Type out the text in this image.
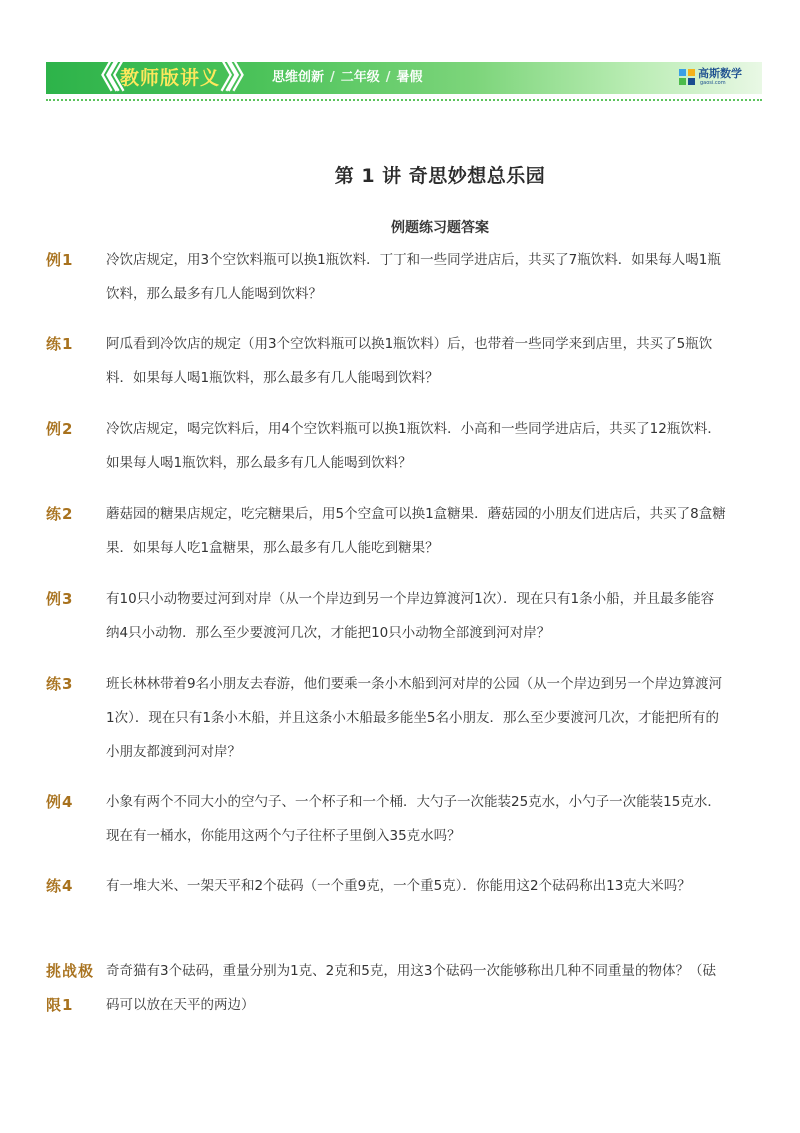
《《 教师版讲义 》》 思维创新 / 二年级 / 暑假	高斯数学
gaosi.com
第 1 讲 奇思妙想总乐园
例题练习题答案
例1	冷饮店规定，用3个空饮料瓶可以换1瓶饮料．丁丁和一些同学进店后，共买了7瓶饮料．如果每人喝1瓶饮料，那么最多有几人能喝到饮料？
练1	阿瓜看到冷饮店的规定（用3个空饮料瓶可以换1瓶饮料）后，也带着一些同学来到店里，共买了5瓶饮料．如果每人喝1瓶饮料，那么最多有几人能喝到饮料？
例2	冷饮店规定，喝完饮料后，用4个空饮料瓶可以换1瓶饮料．小高和一些同学进店后，共买了12瓶饮料．如果每人喝1瓶饮料，那么最多有几人能喝到饮料？
练2	蘑菇园的糖果店规定，吃完糖果后，用5个空盒可以换1盒糖果．蘑菇园的小朋友们进店后，共买了8盒糖果．如果每人吃1盒糖果，那么最多有几人能吃到糖果？
例3	有10只小动物要过河到对岸（从一个岸边到另一个岸边算渡河1次）．现在只有1条小船，并且最多能容纳4只小动物．那么至少要渡河几次，才能把10只小动物全部渡到河对岸？
练3	班长林林带着9名小朋友去春游，他们要乘一条小木船到河对岸的公园（从一个岸边到另一个岸边算渡河1次）．现在只有1条小木船，并且这条小木船最多能坐5名小朋友．那么至少要渡河几次，才能把所有的小朋友都渡到河对岸？
例4	小象有两个不同大小的空勺子、一个杯子和一个桶．大勺子一次能装25克水，小勺子一次能装15克水．现在有一桶水，你能用这两个勺子往杯子里倒入35克水吗？
练4	有一堆大米、一架天平和2个砝码（一个重9克，一个重5克）．你能用这2个砝码称出13克大米吗？
挑战极限1
奇奇猫有3个砝码，重量分别为1克、2克和5克，用这3个砝码一次能够称出几种不同重量的物体？（砝码可以放在天平的两边）
